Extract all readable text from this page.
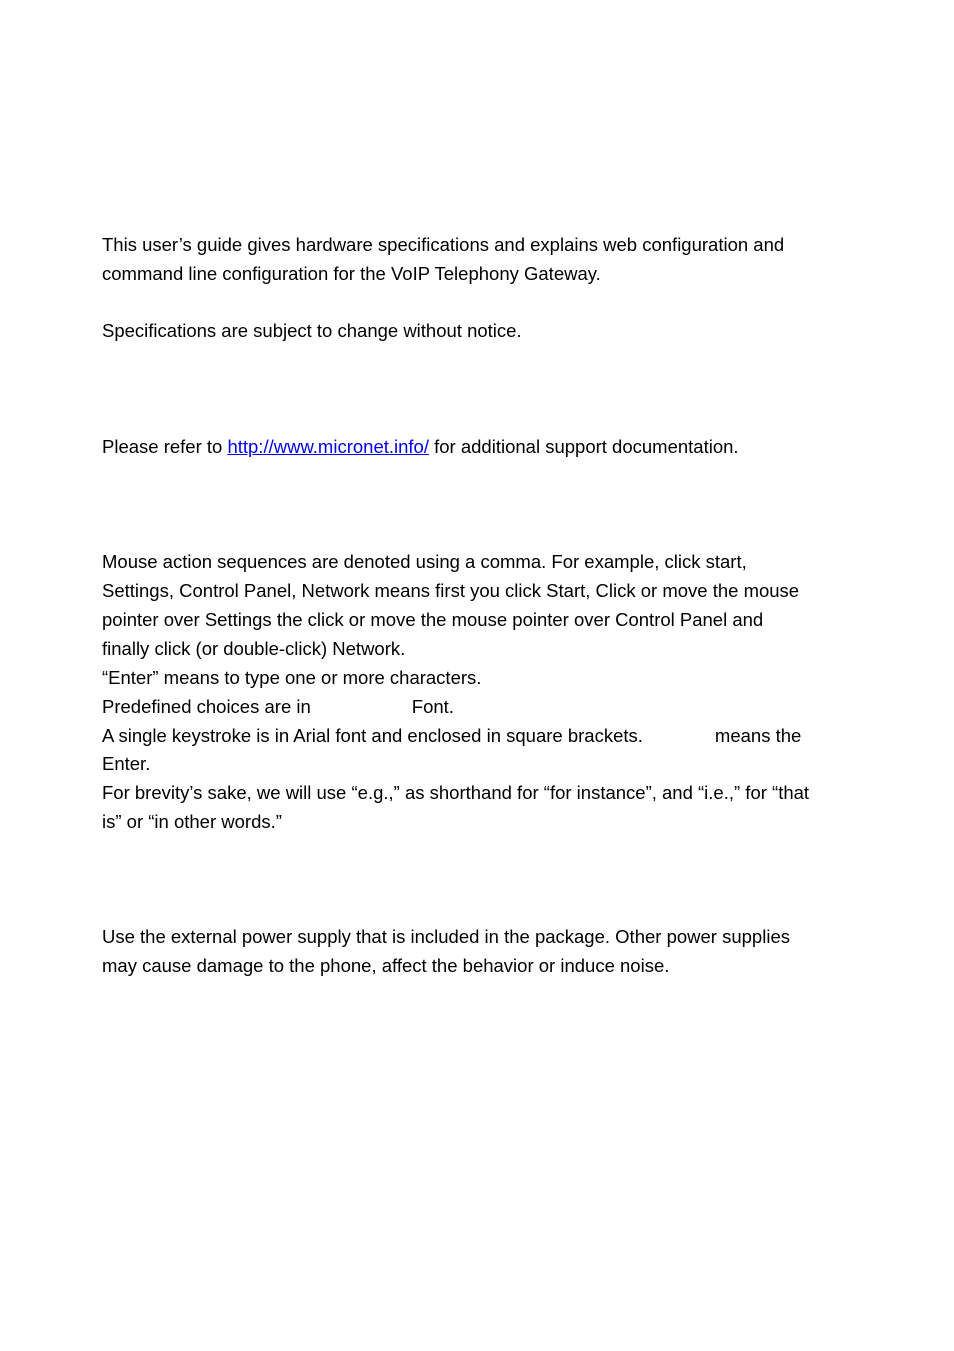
This user’s guide gives hardware specifications and explains web configuration and
command line configuration for the VoIP Telephony Gateway.
Specifications are subject to change without notice.
Please refer to http://www.micronet.info/ for additional support documentation.
Mouse action sequences are denoted using a comma. For example, click start,
Settings, Control Panel, Network means first you click Start, Click or move the mouse
pointer over Settings the click or move the mouse pointer over Control Panel and
finally click (or double-click) Network.
“Enter” means to type one or more characters.
Predefined choices are in	Font.
A single keystroke is in Arial font and enclosed in square brackets.	means the
Enter.
For brevity’s sake, we will use “e.g.,” as shorthand for “for instance”, and “i.e.,” for “that
is” or “in other words.”
Use the external power supply that is included in the package. Other power supplies
may cause damage to the phone, affect the behavior or induce noise.
